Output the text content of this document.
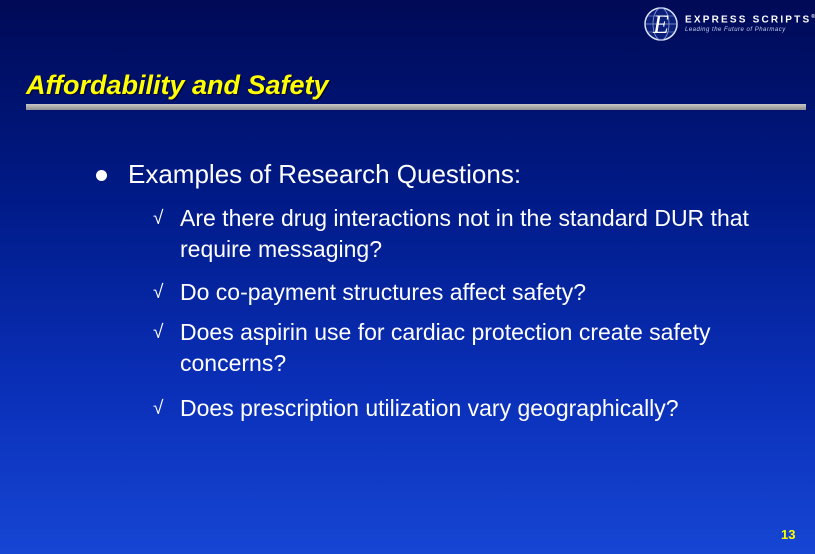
E EXPRESS SCRIPTS®
Leading the Future of Pharmacy
Affordability and Safety
Examples of Research Questions:
√ Are there drug interactions not in the standard DUR that require messaging?
√ Do co-payment structures affect safety?
√ Does aspirin use for cardiac protection create safety concerns?
√ Does prescription utilization vary geographically?
13
